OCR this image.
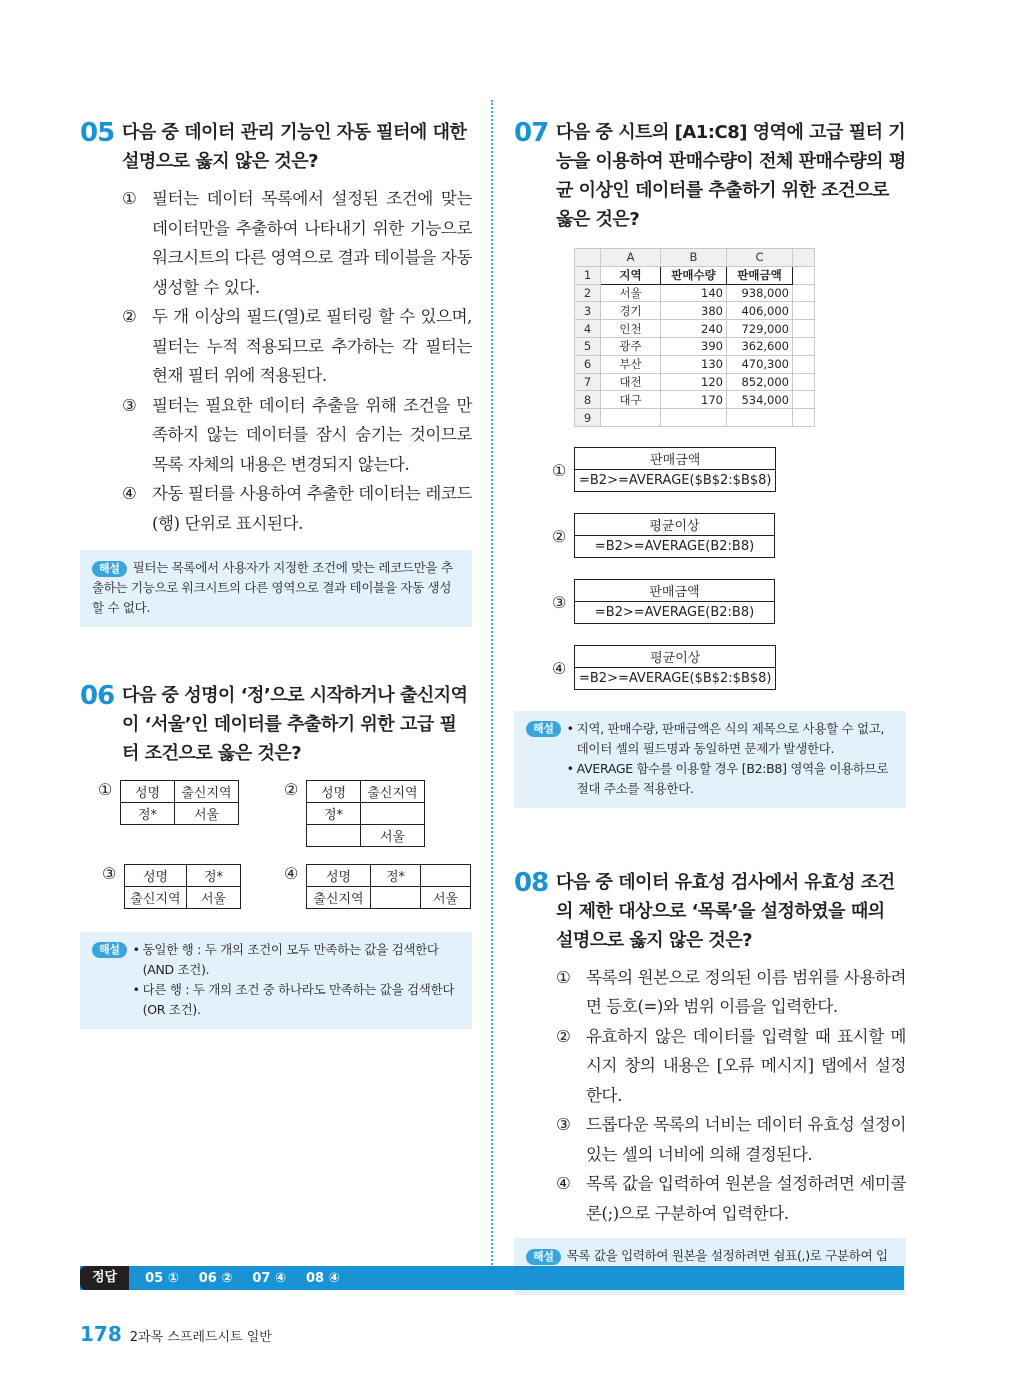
05 다음 중 데이터 관리 기능인 자동 필터에 대한 설명으로 옳지 않은 것은?
① 필터는 데이터 목록에서 설정된 조건에 맞는 데이터만을 추출하여 나타내기 위한 기능으로 워크시트의 다른 영역으로 결과 테이블을 자동 생성할 수 있다.
② 두 개 이상의 필드(열)로 필터링 할 수 있으며, 필터는 누적 적용되므로 추가하는 각 필터는 현재 필터 위에 적용된다.
③ 필터는 필요한 데이터 추출을 위해 조건을 만족하지 않는 데이터를 잠시 숨기는 것이므로 목록 자체의 내용은 변경되지 않는다.
④ 자동 필터를 사용하여 추출한 데이터는 레코드(행) 단위로 표시된다.
해설 필터는 목록에서 사용자가 지정한 조건에 맞는 레코드만을 추출하는 기능으로 워크시트의 다른 영역으로 결과 테이블을 자동 생성할 수 없다.
06 다음 중 성명이 ‘정’으로 시작하거나 출신지역이 ‘서울’인 데이터를 추출하기 위한 고급 필터 조건으로 옳은 것은?
① 성명	출신지역
정*	서울
② 성명	출신지역
정*	
	서울
③ 성명	정*
출신지역	서울
④ 성명	정*	
출신지역		서울
해설	• 동일한 행 : 두 개의 조건이 모두 만족하는 값을 검색한다(AND 조건).
• 다른 행 : 두 개의 조건 중 하나라도 만족하는 값을 검색한다(OR 조건).
07 다음 중 시트의 [A1:C8] 영역에 고급 필터 기능을 이용하여 판매수량이 전체 판매수량의 평균 이상인 데이터를 추출하기 위한 조건으로 옳은 것은?
	A	B	C	
1	지역	판매수량	판매금액	
2	서울	140	938,000	
3	경기	380	406,000	
4	인천	240	729,000	
5	광주	390	362,600	
6	부산	130	470,300	
7	대전	120	852,000	
8	대구	170	534,000	
9				
①
판매금액
=B2>=AVERAGE($B$2:$B$8)
②
평균이상
=B2>=AVERAGE(B2:B8)
③
판매금액
=B2>=AVERAGE(B2:B8)
④
평균이상
=B2>=AVERAGE($B$2:$B$8)
해설	• 지역, 판매수량, 판매금액은 식의 제목으로 사용할 수 없고, 데이터 셀의 필드명과 동일하면 문제가 발생한다.
• AVERAGE 함수를 이용할 경우 [B2:B8] 영역을 이용하므로 절대 주소를 적용한다.
08 다음 중 데이터 유효성 검사에서 유효성 조건의 제한 대상으로 ‘목록’을 설정하였을 때의 설명으로 옳지 않은 것은?
① 목록의 원본으로 정의된 이름 범위를 사용하려면 등호(=)와 범위 이름을 입력한다.
② 유효하지 않은 데이터를 입력할 때 표시할 메시지 창의 내용은 [오류 메시지] 탭에서 설정한다.
③ 드롭다운 목록의 너비는 데이터 유효성 설정이 있는 셀의 너비에 의해 결정된다.
④ 목록 값을 입력하여 원본을 설정하려면 세미콜론(;)으로 구분하여 입력한다.
해설 목록 값을 입력하여 원본을 설정하려면 쉼표(,)로 구분하여 입
정답	05 ① 06 ② 07 ④ 08 ④
178 2과목 스프레드시트 일반
